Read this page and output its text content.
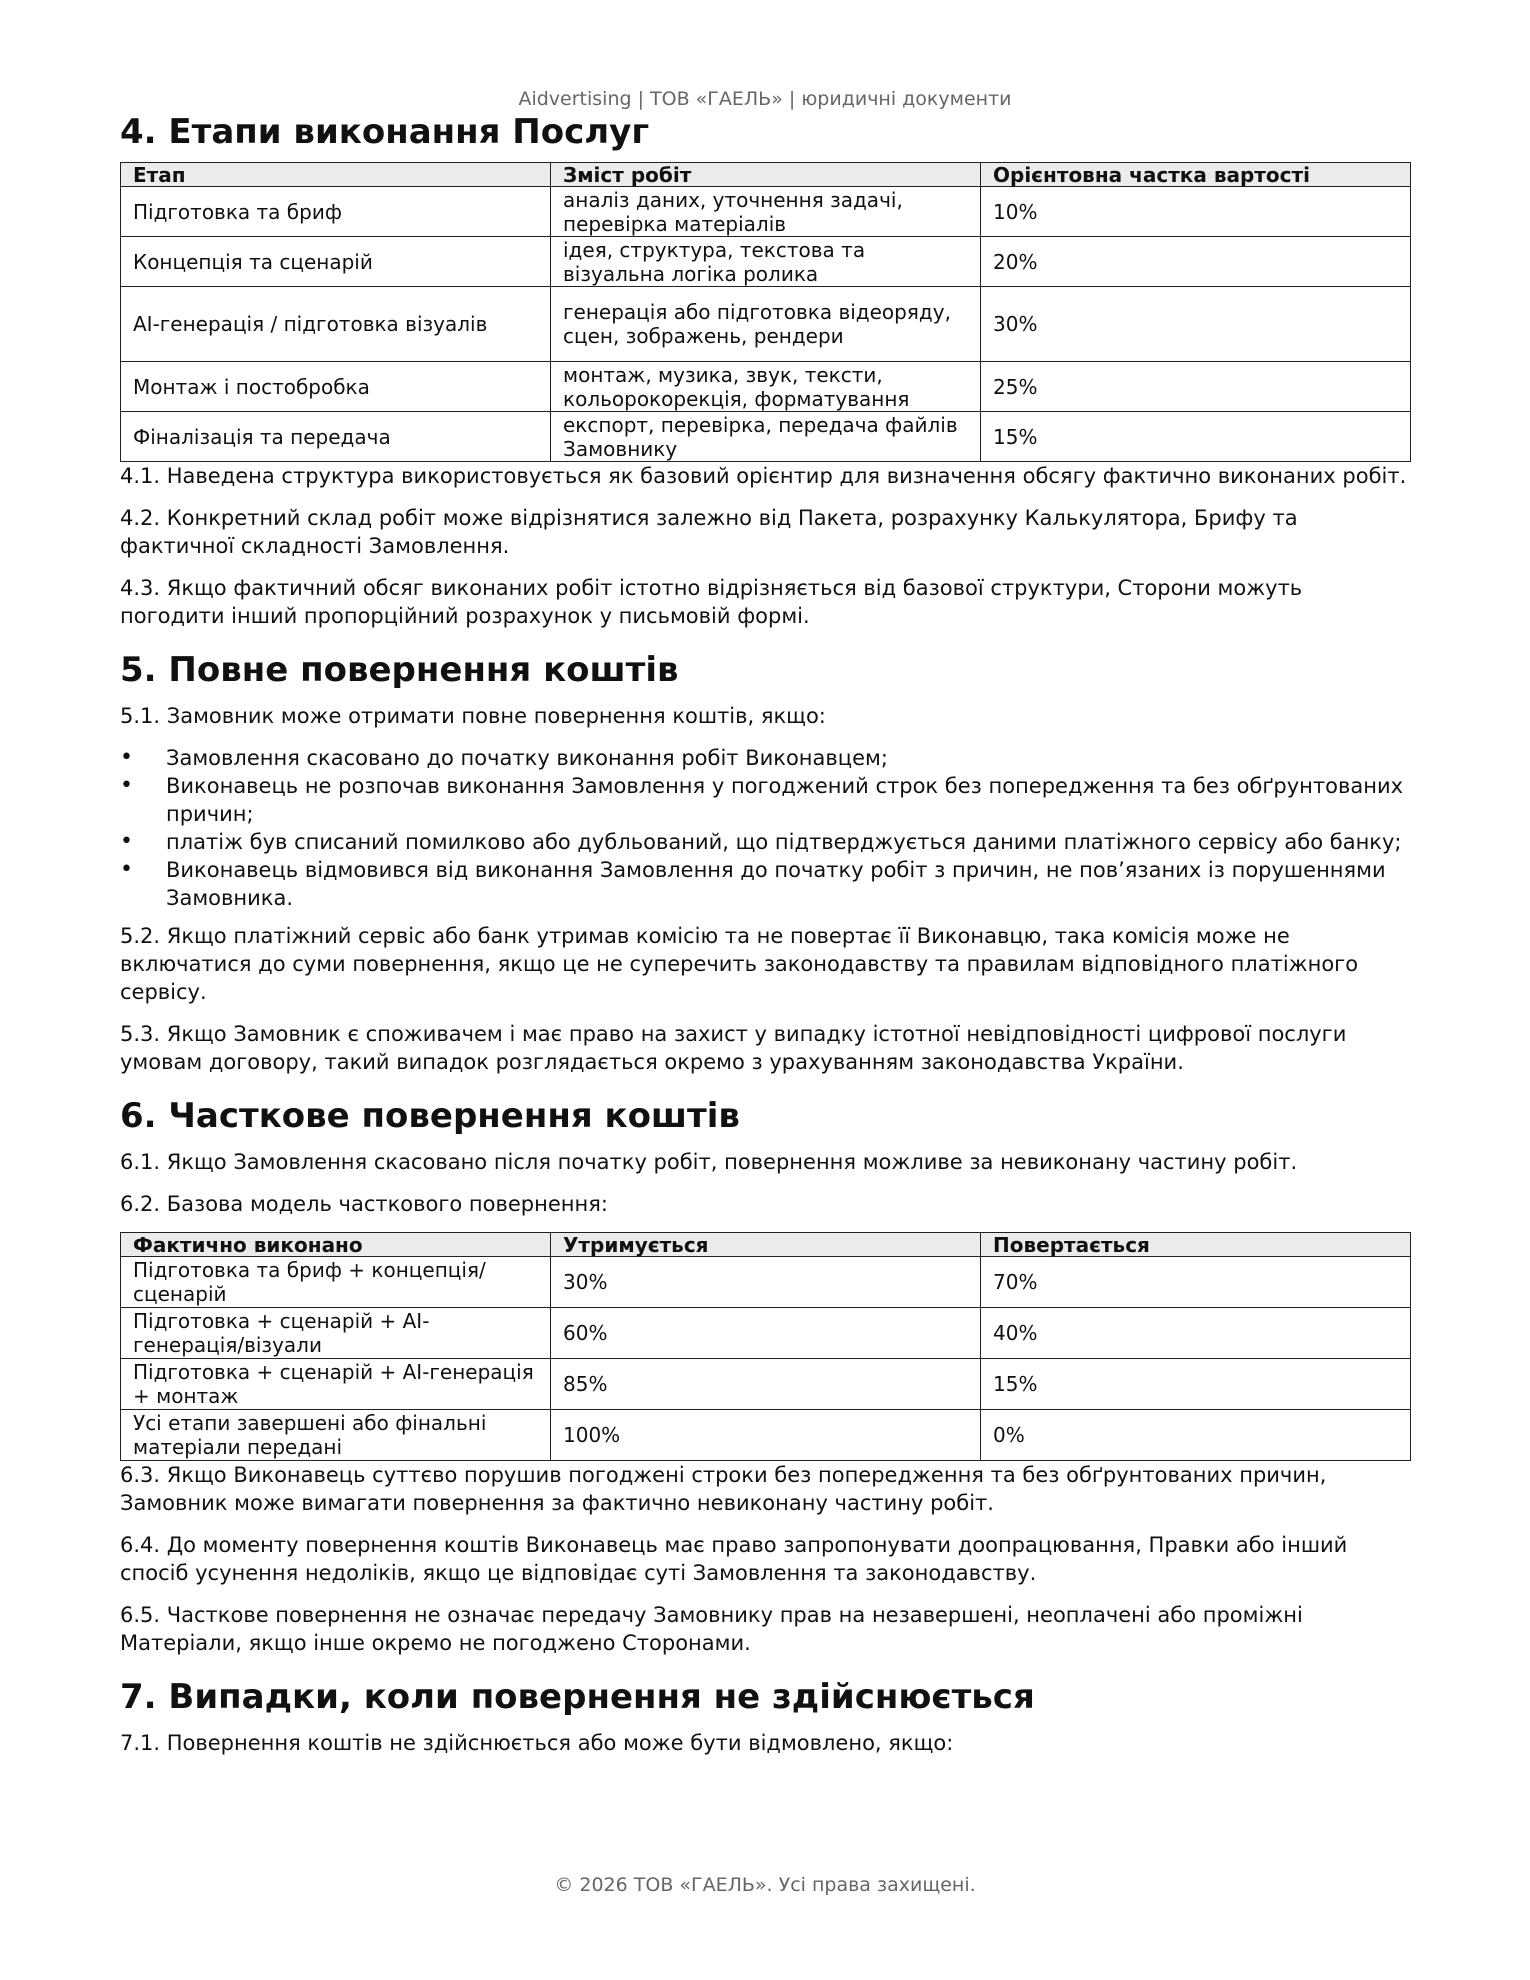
Aidvertising | ТОВ «ГАЕЛЬ» | юридичні документи
4. Етапи виконання Послуг
Етап	Зміст робіт	Орієнтовна частка вартості
Підготовка та бриф	аналіз даних, уточнення задачі, перевірка матеріалів	10%
Концепція та сценарій	ідея, структура, текстова та візуальна логіка ролика	20%
AI-генерація / підготовка візуалів	генерація або підготовка відеоряду, сцен, зображень, рендери	30%
Монтаж і постобробка	монтаж, музика, звук, тексти, кольорокорекція, форматування	25%
Фіналізація та передача	експорт, перевірка, передача файлів Замовнику	15%

4.1. Наведена структура використовується як базовий орієнтир для визначення обсягу фактично виконаних робіт.

4.2. Конкретний склад робіт може відрізнятися залежно від Пакета, розрахунку Калькулятора, Брифу та фактичної складності Замовлення.

4.3. Якщо фактичний обсяг виконаних робіт істотно відрізняється від базової структури, Сторони можуть погодити інший пропорційний розрахунок у письмовій формі.

5. Повне повернення коштів

5.1. Замовник може отримати повне повернення коштів, якщо:

• Замовлення скасовано до початку виконання робіт Виконавцем;
• Виконавець не розпочав виконання Замовлення у погоджений строк без попередження та без обґрунтованих причин;
• платіж був списаний помилково або дубльований, що підтверджується даними платіжного сервісу або банку;
• Виконавець відмовився від виконання Замовлення до початку робіт з причин, не пов’язаних із порушеннями Замовника.

5.2. Якщо платіжний сервіс або банк утримав комісію та не повертає її Виконавцю, така комісія може не включатися до суми повернення, якщо це не суперечить законодавству та правилам відповідного платіжного сервісу.

5.3. Якщо Замовник є споживачем і має право на захист у випадку істотної невідповідності цифрової послуги умовам договору, такий випадок розглядається окремо з урахуванням законодавства України.

6. Часткове повернення коштів

6.1. Якщо Замовлення скасовано після початку робіт, повернення можливе за невиконану частину робіт.

6.2. Базова модель часткового повернення:

Фактично виконано	Утримується	Повертається
Підготовка та бриф + концепція/сценарій	30%	70%
Підготовка + сценарій + AI-генерація/візуали	60%	40%
Підготовка + сценарій + AI-генерація + монтаж	85%	15%
Усі етапи завершені або фінальні матеріали передані	100%	0%

6.3. Якщо Виконавець суттєво порушив погоджені строки без попередження та без обґрунтованих причин, Замовник може вимагати повернення за фактично невиконану частину робіт.

6.4. До моменту повернення коштів Виконавець має право запропонувати доопрацювання, Правки або інший спосіб усунення недоліків, якщо це відповідає суті Замовлення та законодавству.

6.5. Часткове повернення не означає передачу Замовнику прав на незавершені, неоплачені або проміжні Матеріали, якщо інше окремо не погоджено Сторонами.

7. Випадки, коли повернення не здійснюється

7.1. Повернення коштів не здійснюється або може бути відмовлено, якщо:

© 2026 ТОВ «ГАЕЛЬ». Усі права захищені.
